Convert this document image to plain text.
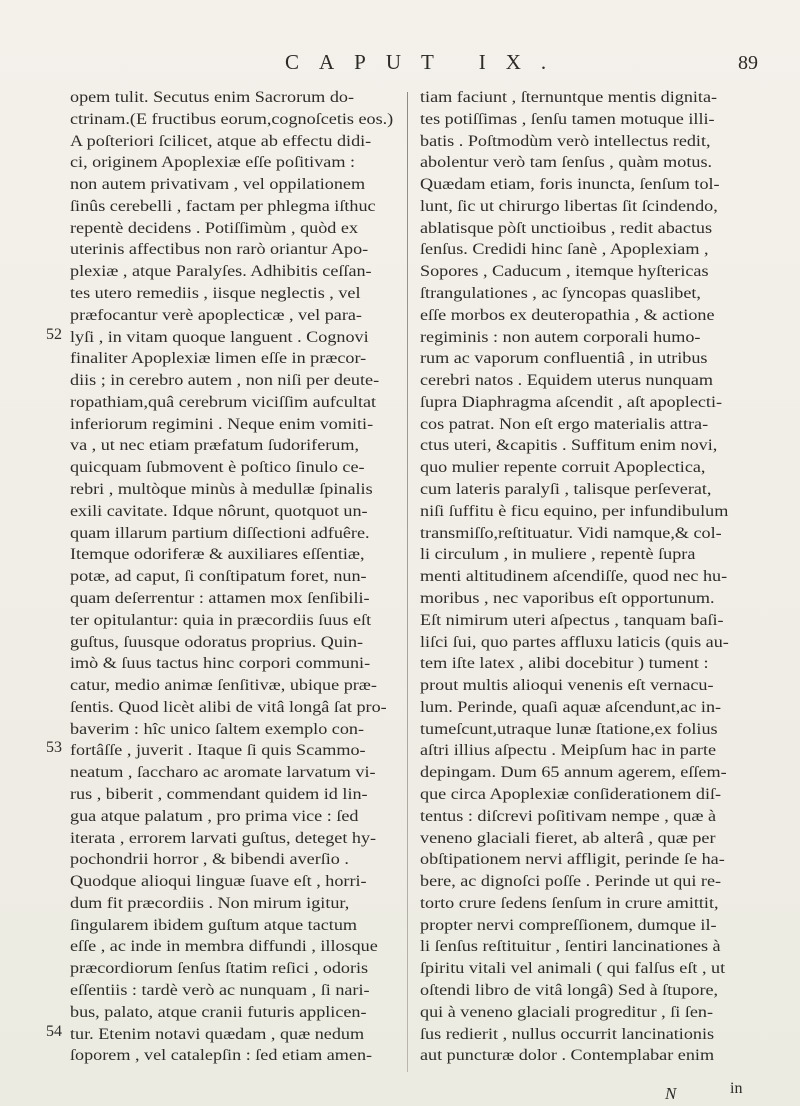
CAPUT IX.	89
opem tulit. Secutus enim Sacrorum do-
ctrinam.(E fructibus eorum,cognoſcetis eos.)
A poſteriori ſcilicet, atque ab effectu didi-
ci, originem Apoplexiæ eſſe poſitivam :
non autem privativam , vel oppilationem
ſinûs cerebelli , factam per phlegma iſthuc
repentè decidens . Potiſſimùm , quòd ex
uterinis affectibus non rarò oriantur Apo-
plexiæ , atque Paralyſes. Adhibitis ceſſan-
tes utero remediis , iisque neglectis , vel
præfocantur verè apoplecticæ , vel para-
lyſi , in vitam quoque languent . Cognovi
finaliter Apoplexiæ limen eſſe in præcor-
diis ; in cerebro autem , non niſi per deute-
ropathiam,quâ cerebrum viciſſim aufcultat
inferiorum regimini . Neque enim vomiti-
va , ut nec etiam præfatum ſudoriferum,
quicquam ſubmovent è poſtico ſinulo ce-
rebri , multòque minùs à medullæ ſpinalis
exili cavitate. Idque nôrunt, quotquot un-
quam illarum partium diſſectioni adfuêre.
Itemque odoriferæ & auxiliares eſſentiæ,
potæ, ad caput, ſi conſtipatum foret, nun-
quam deſerrentur : attamen mox ſenſibili-
ter opitulantur: quia in præcordiis ſuus eſt
guſtus, ſuusque odoratus proprius. Quin-
imò & ſuus tactus hinc corpori communi-
catur, medio animæ ſenſitivæ, ubique præ-
ſentis. Quod licèt alibi de vitâ longâ ſat pro-
baverim : hîc unico ſaltem exemplo con-
fortâſſe , juverit . Itaque ſi quis Scammo-
neatum , ſaccharo ac aromate larvatum vi-
rus , biberit , commendant quidem id lin-
gua atque palatum , pro prima vice : ſed
iterata , errorem larvati guſtus, deteget hy-
pochondrii horror , & bibendi averſio .
Quodque alioqui linguæ ſuave eſt , horri-
dum fit præcordiis . Non mirum igitur,
ſingularem ibidem guſtum atque tactum
eſſe , ac inde in membra diffundi , illosque
præcordiorum ſenſus ſtatim reſici , odoris
eſſentiis : tardè verò ac nunquam , ſi nari-
bus, palato, atque cranii futuris applicen-
tur. Etenim notavi quædam , quæ nedum
ſoporem , vel catalepſin : ſed etiam amen-
tiam faciunt , ſternuntque mentis dignita-
tes potiſſimas , ſenſu tamen motuque illi-
batis . Poſtmodùm verò intellectus redit,
abolentur verò tam ſenſus , quàm motus.
Quædam etiam, foris inuncta, ſenſum tol-
lunt, ſic ut chirurgo libertas ſit ſcindendo,
ablatisque pòſt unctioibus , redit abactus
ſenſus. Credidi hinc ſanè , Apoplexiam ,
Sopores , Caducum , itemque hyſtericas
ſtrangulationes , ac ſyncopas quaslibet,
eſſe morbos ex deuteropathia , & actione
regiminis : non autem corporali humo-
rum ac vaporum confluentiâ , in utribus
cerebri natos . Equidem uterus nunquam
ſupra Diaphragma aſcendit , aſt apoplecti-
cos patrat. Non eſt ergo materialis attra-
ctus uteri, &capitis . Suffitum enim novi,
quo mulier repente corruit Apoplectica,
cum lateris paralyſi , talisque perſeverat,
niſi ſuffitu è ficu equino, per infundibulum
transmiſſo,reſtituatur. Vidi namque,& col-
li circulum , in muliere , repentè ſupra
menti altitudinem aſcendiſſe, quod nec hu-
moribus , nec vaporibus eſt opportunum.
Eſt nimirum uteri aſpectus , tanquam baſi-
liſci ſui, quo partes affluxu laticis (quis au-
tem iſte latex , alibi docebitur ) tument :
prout multis alioqui venenis eſt vernacu-
lum. Perinde, quaſi aquæ aſcendunt,ac in-
tumeſcunt,utraque lunæ ſtatione,ex folius
aſtri illius aſpectu . Meipſum hac in parte
depingam. Dum 65 annum agerem, eſſem-
que circa Apoplexiæ conſiderationem diſ-
tentus : diſcrevi poſitivam nempe , quæ à
veneno glaciali fieret, ab alterâ , quæ per
obſtipationem nervi affligit, perinde ſe ha-
bere, ac dignoſci poſſe . Perinde ut qui re-
torto crure ſedens ſenſum in crure amittit,
propter nervi compreſſionem, dumque il-
li ſenſus reſtituitur , ſentiri lancinationes à
ſpiritu vitali vel animali ( qui falſus eſt , ut
oſtendi libro de vitâ longâ) Sed à ſtupore,
qui à veneno glaciali progreditur , ſi ſen-
ſus redierit , nullus occurrit lancinationis
aut puncturæ dolor . Contemplabar enim
52
53
54
N	in
